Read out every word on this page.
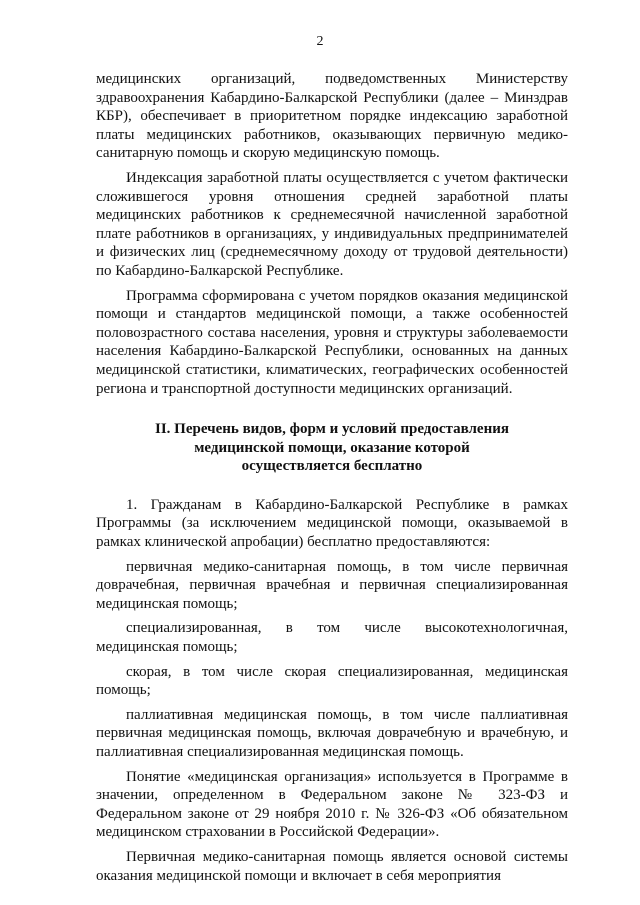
2

медицинских организаций, подведомственных Министерству здравоохранения Кабардино-Балкарской Республики (далее – Минздрав КБР), обеспечивает в приоритетном порядке индексацию заработной платы медицинских работников, оказывающих первичную медико-санитарную помощь и скорую медицинскую помощь.

Индексация заработной платы осуществляется с учетом фактически сложившегося уровня отношения средней заработной платы медицинских работников к среднемесячной начисленной заработной плате работников в организациях, у индивидуальных предпринимателей и физических лиц (среднемесячному доходу от трудовой деятельности) по Кабардино-Балкарской Республике.

Программа сформирована с учетом порядков оказания медицинской помощи и стандартов медицинской помощи, а также особенностей половозрастного состава населения, уровня и структуры заболеваемости населения Кабардино-Балкарской Республики, основанных на данных медицинской статистики, климатических, географических особенностей региона и транспортной доступности медицинских организаций.

II. Перечень видов, форм и условий предоставления
медицинской помощи, оказание которой
осуществляется бесплатно

1. Гражданам в Кабардино-Балкарской Республике в рамках Программы (за исключением медицинской помощи, оказываемой в рамках клинической апробации) бесплатно предоставляются:

первичная медико-санитарная помощь, в том числе первичная доврачебная, первичная врачебная и первичная специализированная медицинская помощь;

специализированная, в том числе высокотехнологичная, медицинская помощь;

скорая, в том числе скорая специализированная, медицинская помощь;

паллиативная медицинская помощь, в том числе паллиативная первичная медицинская помощь, включая доврачебную и врачебную, и паллиативная специализированная медицинская помощь.

Понятие «медицинская организация» используется в Программе в значении, определенном в Федеральном законе № 323-ФЗ и Федеральном законе от 29 ноября 2010 г. № 326-ФЗ «Об обязательном медицинском страховании в Российской Федерации».

Первичная медико-санитарная помощь является основой системы оказания медицинской помощи и включает в себя мероприятия
